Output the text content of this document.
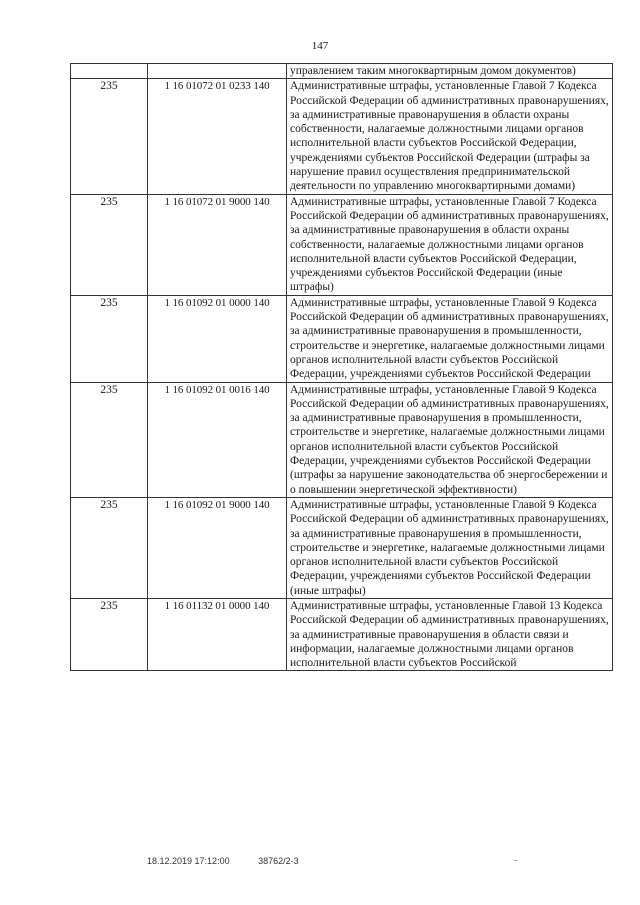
147
		управлением таким многоквартирным домом документов)
235	1 16 01072 01 0233 140	Административные штрафы, установленные Главой 7 Кодекса Российской Федерации об административных правонарушениях, за административные правонарушения в области охраны собственности, налагаемые должностными лицами органов исполнительной власти субъектов Российской Федерации, учреждениями субъектов Российской Федерации (штрафы за нарушение правил осуществления предпринимательской деятельности по управлению многоквартирными домами)
235	1 16 01072 01 9000 140	Административные штрафы, установленные Главой 7 Кодекса Российской Федерации об административных правонарушениях, за административные правонарушения в области охраны собственности, налагаемые должностными лицами органов исполнительной власти субъектов Российской Федерации, учреждениями субъектов Российской Федерации (иные штрафы)
235	1 16 01092 01 0000 140	Административные штрафы, установленные Главой 9 Кодекса Российской Федерации об административных правонарушениях, за административные правонарушения в промышленности, строительстве и энергетике, налагаемые должностными лицами органов исполнительной власти субъектов Российской Федерации, учреждениями субъектов Российской Федерации
235	1 16 01092 01 0016 140	Административные штрафы, установленные Главой 9 Кодекса Российской Федерации об административных правонарушениях, за административные правонарушения в промышленности, строительстве и энергетике, налагаемые должностными лицами органов исполнительной власти субъектов Российской Федерации, учреждениями субъектов Российской Федерации (штрафы за нарушение законодательства об энергосбережении и о повышении энергетической эффективности)
235	1 16 01092 01 9000 140	Административные штрафы, установленные Главой 9 Кодекса Российской Федерации об административных правонарушениях, за административные правонарушения в промышленности, строительстве и энергетике, налагаемые должностными лицами органов исполнительной власти субъектов Российской Федерации, учреждениями субъектов Российской Федерации (иные штрафы)
235	1 16 01132 01 0000 140	Административные штрафы, установленные Главой 13 Кодекса Российской Федерации об административных правонарушениях, за административные правонарушения в области связи и информации, налагаемые должностными лицами органов исполнительной власти субъектов Российской
18.12.2019 17:12:00	38762/2-3
